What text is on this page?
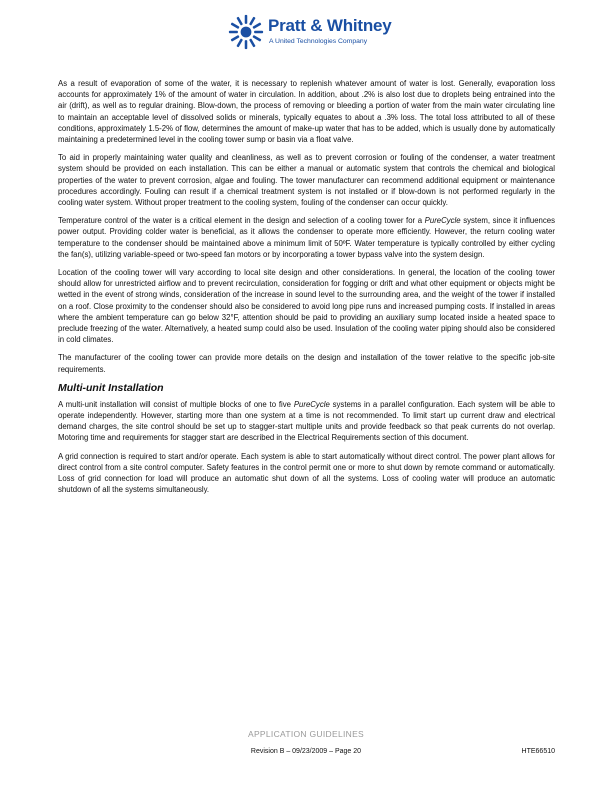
Pratt & Whitney
A United Technologies Company

As a result of evaporation of some of the water, it is necessary to replenish whatever amount of water is lost. Generally, evaporation loss accounts for approximately 1% of the amount of water in circulation. In addition, about .2% is also lost due to droplets being entrained into the air (drift), as well as to regular draining. Blow-down, the process of removing or bleeding a portion of water from the main water circulating line to maintain an acceptable level of dissolved solids or minerals, typically equates to about a .3% loss. The total loss attributed to all of these conditions, approximately 1.5-2% of flow, determines the amount of make-up water that has to be added, which is usually done by automatically maintaining a predetermined level in the cooling tower sump or basin via a float valve.

To aid in properly maintaining water quality and cleanliness, as well as to prevent corrosion or fouling of the condenser, a water treatment system should be provided on each installation. This can be either a manual or automatic system that controls the chemical and biological properties of the water to prevent corrosion, algae and fouling. The tower manufacturer can recommend additional equipment or maintenance procedures accordingly. Fouling can result if a chemical treatment system is not installed or if blow-down is not performed regularly in the cooling water system. Without proper treatment to the cooling system, fouling of the condenser can occur quickly.

Temperature control of the water is a critical element in the design and selection of a cooling tower for a PureCycle system, since it influences power output. Providing colder water is beneficial, as it allows the condenser to operate more efficiently. However, the return cooling water temperature to the condenser should be maintained above a minimum limit of 50ºF. Water temperature is typically controlled by either cycling the fan(s), utilizing variable-speed or two-speed fan motors or by incorporating a tower bypass valve into the system design.

Location of the cooling tower will vary according to local site design and other considerations. In general, the location of the cooling tower should allow for unrestricted airflow and to prevent recirculation, consideration for fogging or drift and what other equipment or objects might be wetted in the event of strong winds, consideration of the increase in sound level to the surrounding area, and the weight of the tower if installed on a roof. Close proximity to the condenser should also be considered to avoid long pipe runs and increased pumping costs. If installed in areas where the ambient temperature can go below 32°F, attention should be paid to providing an auxiliary sump located inside a heated space to preclude freezing of the water. Alternatively, a heated sump could also be used. Insulation of the cooling water piping should also be considered in cold climates.

The manufacturer of the cooling tower can provide more details on the design and installation of the tower relative to the specific job-site requirements.

Multi-unit Installation

A multi-unit installation will consist of multiple blocks of one to five PureCycle systems in a parallel configuration. Each system will be able to operate independently. However, starting more than one system at a time is not recommended. To limit start up current draw and electrical demand charges, the site control should be set up to stagger-start multiple units and provide feedback so that peak currents do not overlap. Motoring time and requirements for stagger start are described in the Electrical Requirements section of this document.

A grid connection is required to start and/or operate. Each system is able to start automatically without direct control. The power plant allows for direct control from a site control computer. Safety features in the control permit one or more to shut down by remote command or automatically. Loss of grid connection for load will produce an automatic shut down of all the systems. Loss of cooling water will produce an automatic shutdown of all the systems simultaneously.

APPLICATION GUIDELINES
Revision B – 09/23/2009 – Page 20	HTE66510
